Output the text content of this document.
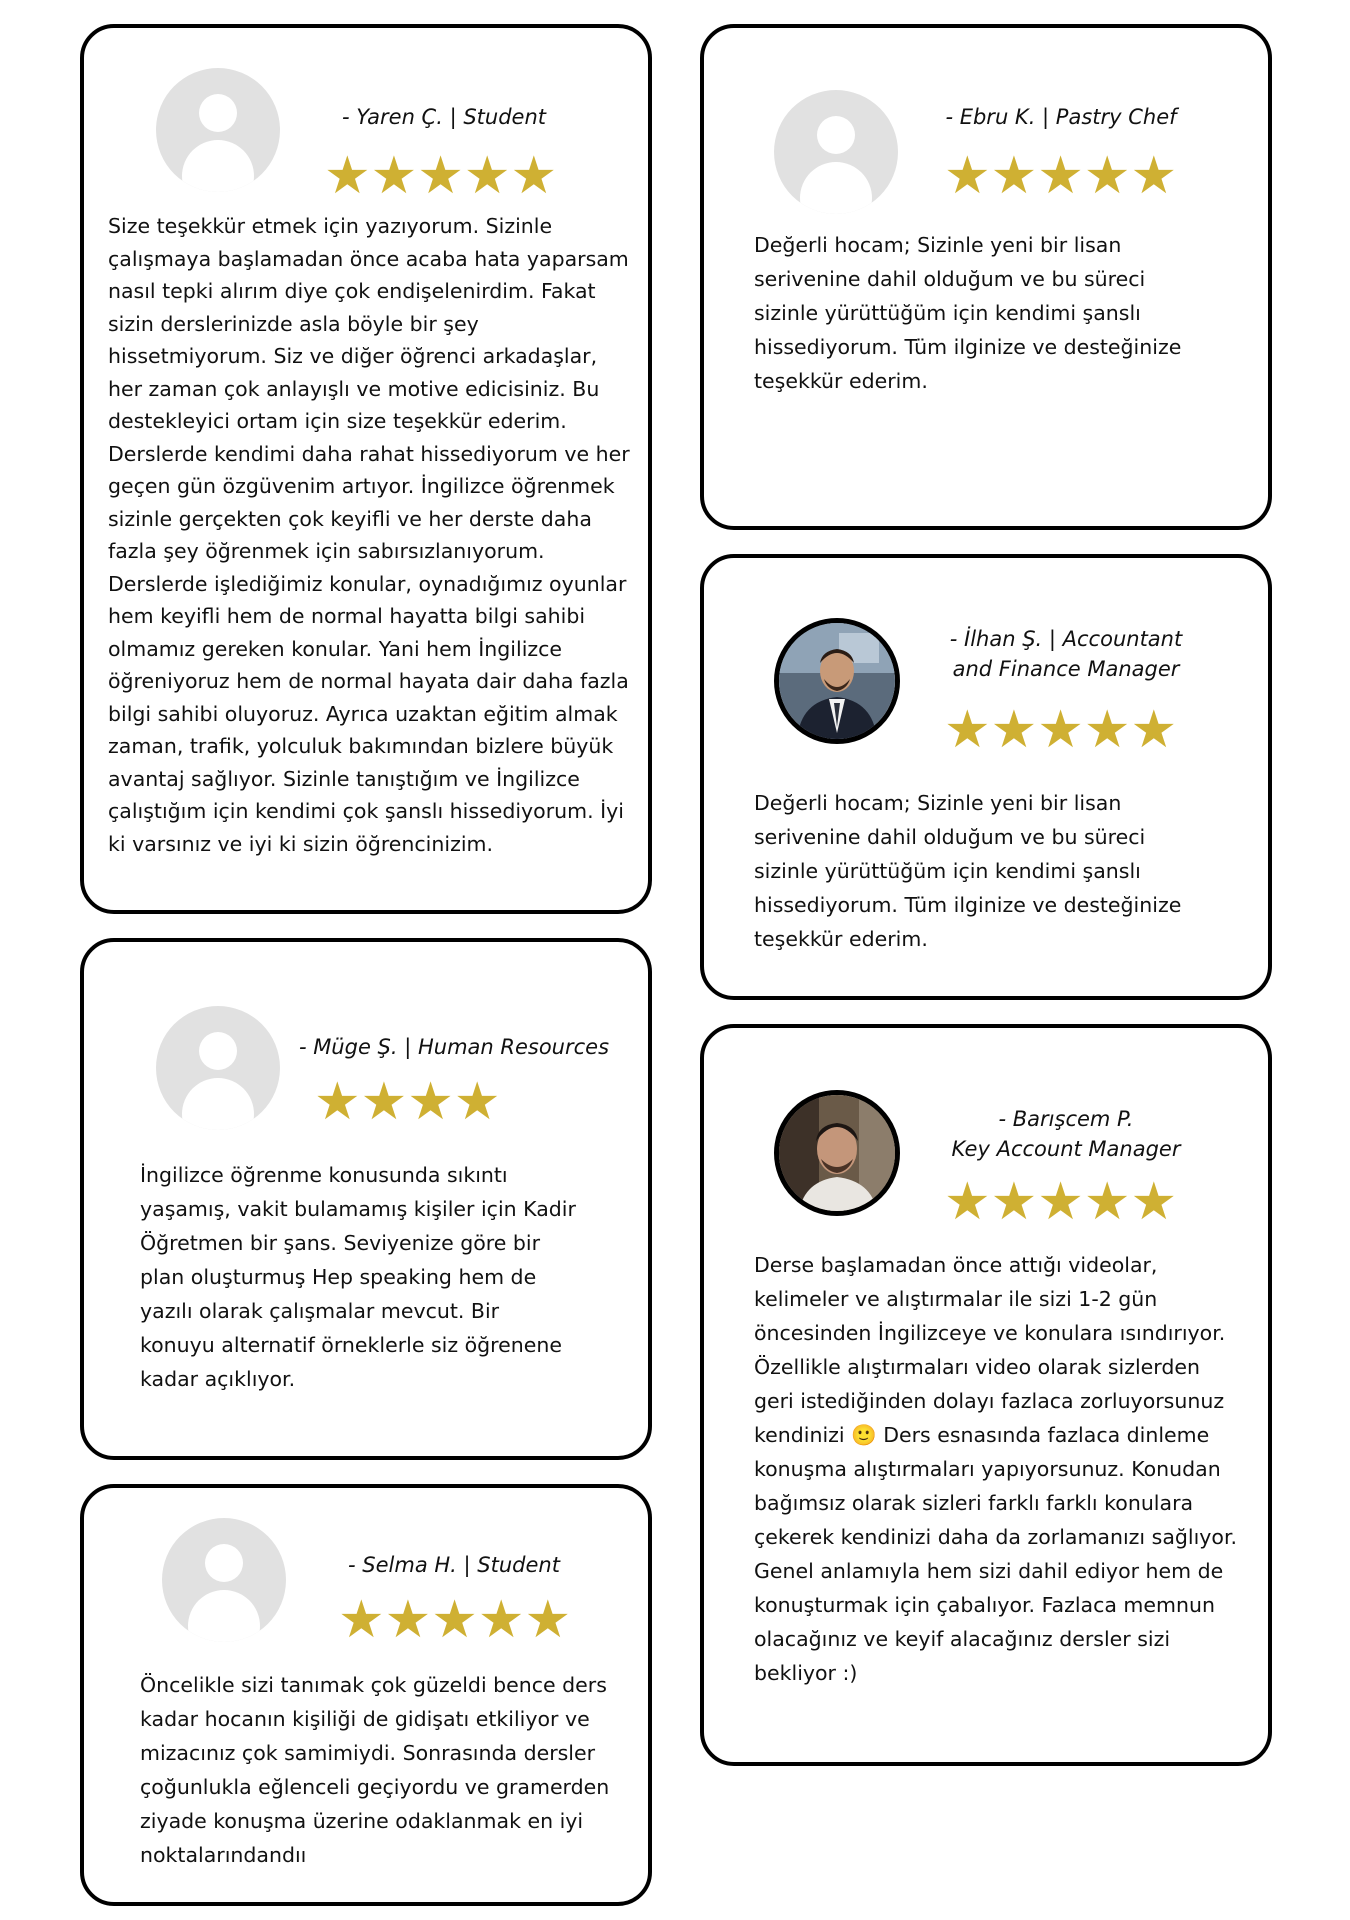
- Yaren Ç. | Student
★★★★★
Size teşekkür etmek için yazıyorum. Sizinle çalışmaya başlamadan önce acaba hata yaparsam nasıl tepki alırım diye çok endişelenirdim. Fakat sizin derslerinizde asla böyle bir şey hissetmiyorum. Siz ve diğer öğrenci arkadaşlar, her zaman çok anlayışlı ve motive edicisiniz. Bu destekleyici ortam için size teşekkür ederim. Derslerde kendimi daha rahat hissediyorum ve her geçen gün özgüvenim artıyor. İngilizce öğrenmek sizinle gerçekten çok keyifli ve her derste daha fazla şey öğrenmek için sabırsızlanıyorum. Derslerde işlediğimiz konular, oynadığımız oyunlar hem keyifli hem de normal hayatta bilgi sahibi olmamız gereken konular. Yani hem İngilizce öğreniyoruz hem de normal hayata dair daha fazla bilgi sahibi oluyoruz. Ayrıca uzaktan eğitim almak zaman, trafik, yolculuk bakımından bizlere büyük avantaj sağlıyor. Sizinle tanıştığım ve İngilizce çalıştığım için kendimi çok şanslı hissediyorum. İyi ki varsınız ve iyi ki sizin öğrencinizim.
- Ebru K. | Pastry Chef
★★★★★
Değerli hocam; Sizinle yeni bir lisan serivenine dahil olduğum ve bu süreci sizinle yürüttüğüm için kendimi şanslı hissediyorum. Tüm ilginize ve desteğinize teşekkür ederim.
- İlhan Ş. | Accountant
and Finance Manager
★★★★★
Değerli hocam; Sizinle yeni bir lisan serivenine dahil olduğum ve bu süreci sizinle yürüttüğüm için kendimi şanslı hissediyorum. Tüm ilginize ve desteğinize teşekkür ederim.
- Müge Ş. | Human Resources
★★★★
İngilizce öğrenme konusunda sıkıntı yaşamış, vakit bulamamış kişiler için Kadir Öğretmen bir şans. Seviyenize göre bir plan oluşturmuş Hep speaking hem de yazılı olarak çalışmalar mevcut. Bir konuyu alternatif örneklerle siz öğrenene kadar açıklıyor.
- Barışcem P.
Key Account Manager
★★★★★
Derse başlamadan önce attığı videolar, kelimeler ve alıştırmalar ile sizi 1-2 gün öncesinden İngilizceye ve konulara ısındırıyor. Özellikle alıştırmaları video olarak sizlerden geri istediğinden dolayı fazlaca zorluyorsunuz kendinizi 🙂 Ders esnasında fazlaca dinleme konuşma alıştırmaları yapıyorsunuz. Konudan bağımsız olarak sizleri farklı farklı konulara çekerek kendinizi daha da zorlamanızı sağlıyor. Genel anlamıyla hem sizi dahil ediyor hem de konuşturmak için çabalıyor. Fazlaca memnun olacağınız ve keyif alacağınız dersler sizi bekliyor :)
- Selma H. | Student
★★★★★
Öncelikle sizi tanımak çok güzeldi bence ders kadar hocanın kişiliği de gidişatı etkiliyor ve mizacınız çok samimiydi. Sonrasında dersler çoğunlukla eğlenceli geçiyordu ve gramerden ziyade konuşma üzerine odaklanmak en iyi noktalarındandıı
